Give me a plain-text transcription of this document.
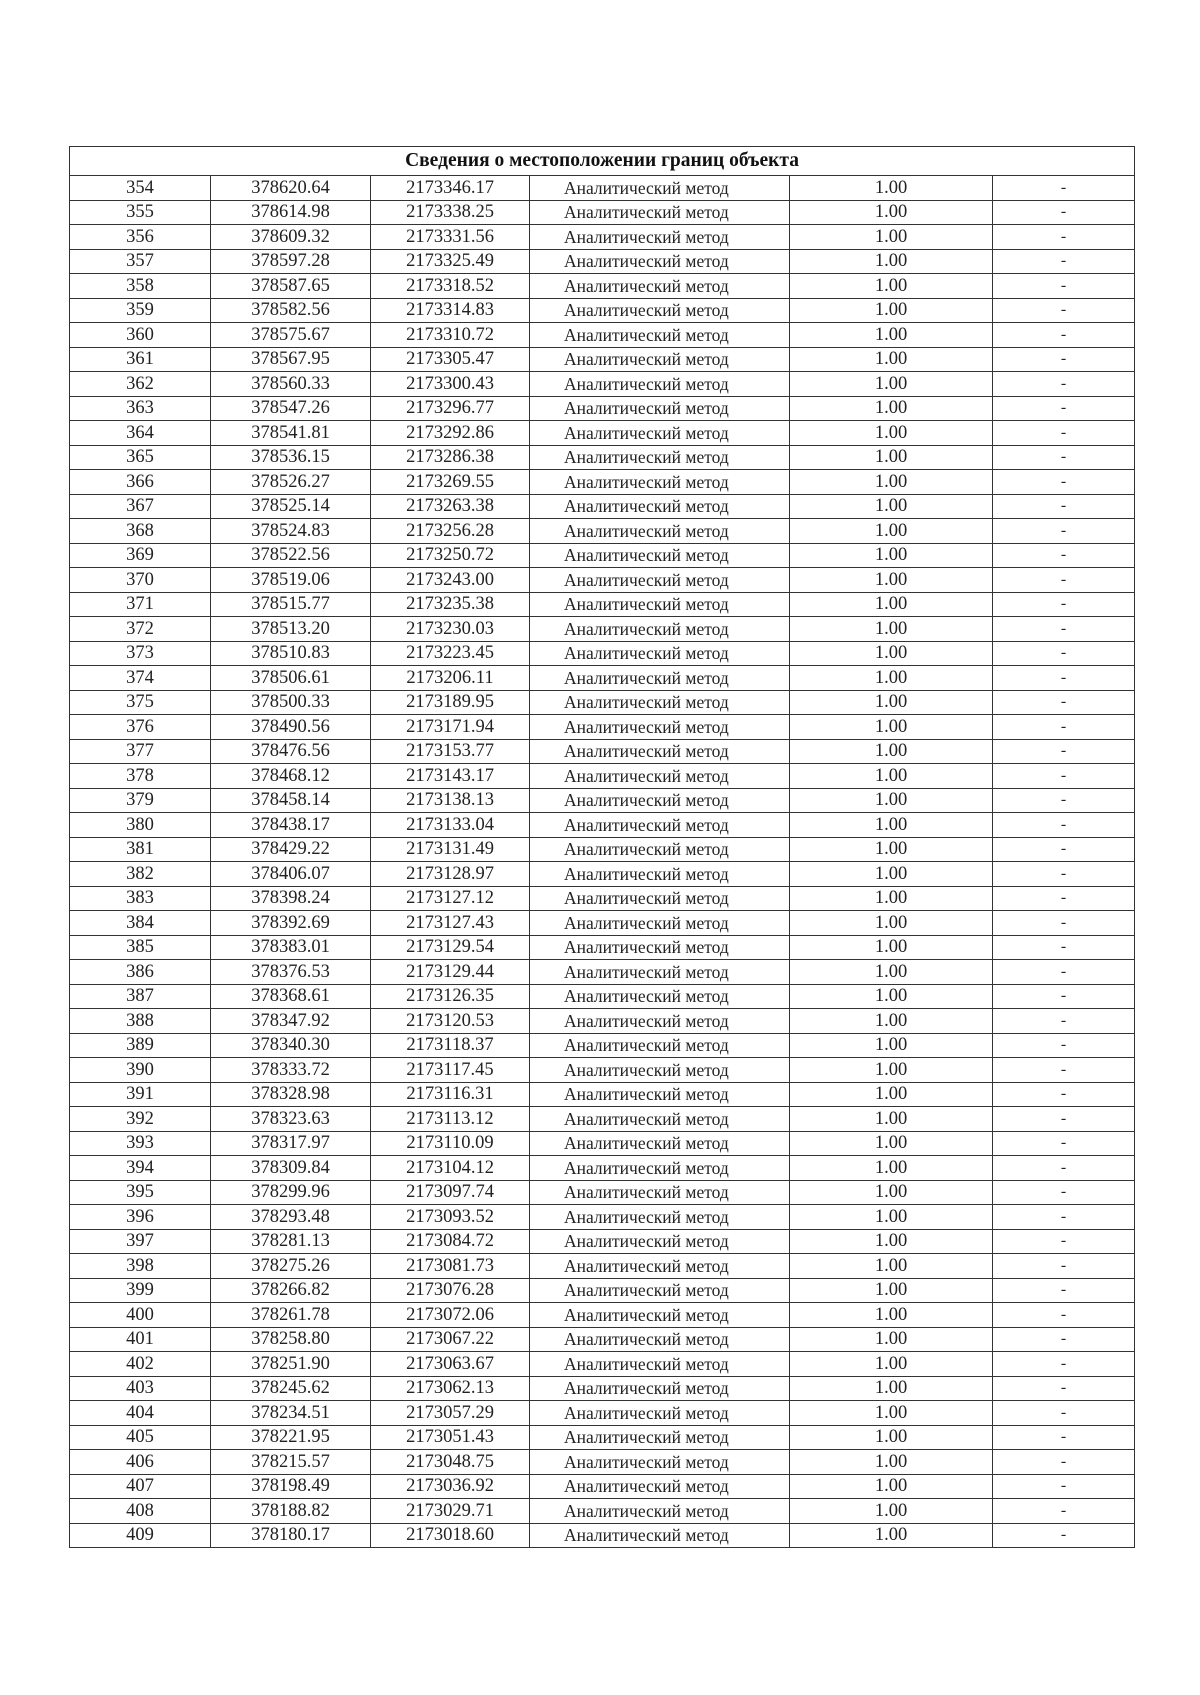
Сведения о местоположении границ объекта					
354	378620.64	2173346.17	Аналитический метод	1.00	-
355	378614.98	2173338.25	Аналитический метод	1.00	-
356	378609.32	2173331.56	Аналитический метод	1.00	-
357	378597.28	2173325.49	Аналитический метод	1.00	-
358	378587.65	2173318.52	Аналитический метод	1.00	-
359	378582.56	2173314.83	Аналитический метод	1.00	-
360	378575.67	2173310.72	Аналитический метод	1.00	-
361	378567.95	2173305.47	Аналитический метод	1.00	-
362	378560.33	2173300.43	Аналитический метод	1.00	-
363	378547.26	2173296.77	Аналитический метод	1.00	-
364	378541.81	2173292.86	Аналитический метод	1.00	-
365	378536.15	2173286.38	Аналитический метод	1.00	-
366	378526.27	2173269.55	Аналитический метод	1.00	-
367	378525.14	2173263.38	Аналитический метод	1.00	-
368	378524.83	2173256.28	Аналитический метод	1.00	-
369	378522.56	2173250.72	Аналитический метод	1.00	-
370	378519.06	2173243.00	Аналитический метод	1.00	-
371	378515.77	2173235.38	Аналитический метод	1.00	-
372	378513.20	2173230.03	Аналитический метод	1.00	-
373	378510.83	2173223.45	Аналитический метод	1.00	-
374	378506.61	2173206.11	Аналитический метод	1.00	-
375	378500.33	2173189.95	Аналитический метод	1.00	-
376	378490.56	2173171.94	Аналитический метод	1.00	-
377	378476.56	2173153.77	Аналитический метод	1.00	-
378	378468.12	2173143.17	Аналитический метод	1.00	-
379	378458.14	2173138.13	Аналитический метод	1.00	-
380	378438.17	2173133.04	Аналитический метод	1.00	-
381	378429.22	2173131.49	Аналитический метод	1.00	-
382	378406.07	2173128.97	Аналитический метод	1.00	-
383	378398.24	2173127.12	Аналитический метод	1.00	-
384	378392.69	2173127.43	Аналитический метод	1.00	-
385	378383.01	2173129.54	Аналитический метод	1.00	-
386	378376.53	2173129.44	Аналитический метод	1.00	-
387	378368.61	2173126.35	Аналитический метод	1.00	-
388	378347.92	2173120.53	Аналитический метод	1.00	-
389	378340.30	2173118.37	Аналитический метод	1.00	-
390	378333.72	2173117.45	Аналитический метод	1.00	-
391	378328.98	2173116.31	Аналитический метод	1.00	-
392	378323.63	2173113.12	Аналитический метод	1.00	-
393	378317.97	2173110.09	Аналитический метод	1.00	-
394	378309.84	2173104.12	Аналитический метод	1.00	-
395	378299.96	2173097.74	Аналитический метод	1.00	-
396	378293.48	2173093.52	Аналитический метод	1.00	-
397	378281.13	2173084.72	Аналитический метод	1.00	-
398	378275.26	2173081.73	Аналитический метод	1.00	-
399	378266.82	2173076.28	Аналитический метод	1.00	-
400	378261.78	2173072.06	Аналитический метод	1.00	-
401	378258.80	2173067.22	Аналитический метод	1.00	-
402	378251.90	2173063.67	Аналитический метод	1.00	-
403	378245.62	2173062.13	Аналитический метод	1.00	-
404	378234.51	2173057.29	Аналитический метод	1.00	-
405	378221.95	2173051.43	Аналитический метод	1.00	-
406	378215.57	2173048.75	Аналитический метод	1.00	-
407	378198.49	2173036.92	Аналитический метод	1.00	-
408	378188.82	2173029.71	Аналитический метод	1.00	-
409	378180.17	2173018.60	Аналитический метод	1.00	-
